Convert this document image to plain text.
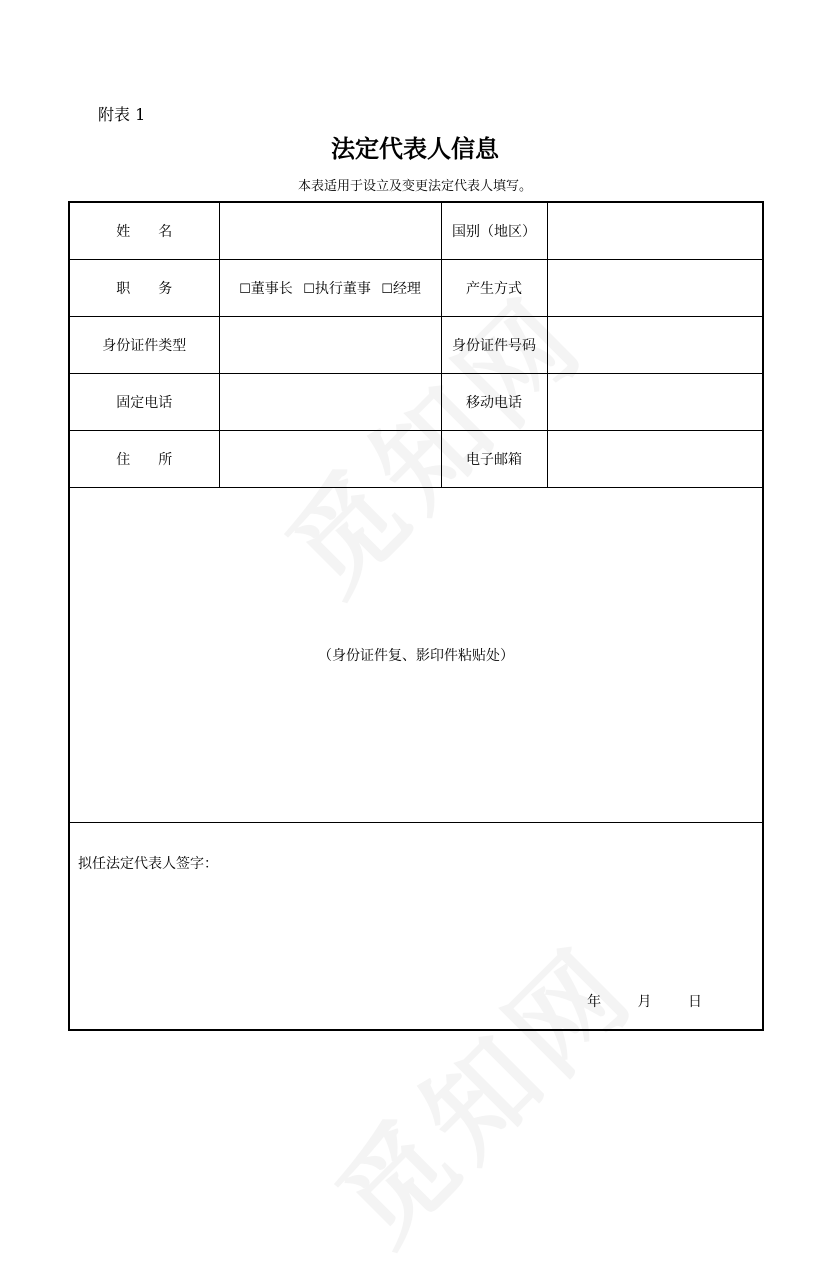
附表 1
法定代表人信息
本表适用于设立及变更法定代表人填写。
姓　　名		国别（地区）	
职　　务	☐董事长 ☐执行董事 ☐经理	产生方式	
身份证件类型		身份证件号码	
固定电话		移动电话	
住　　所		电子邮箱	
（身份证件复、影印件粘贴处）			

拟任法定代表人签字：
年 月 日			
